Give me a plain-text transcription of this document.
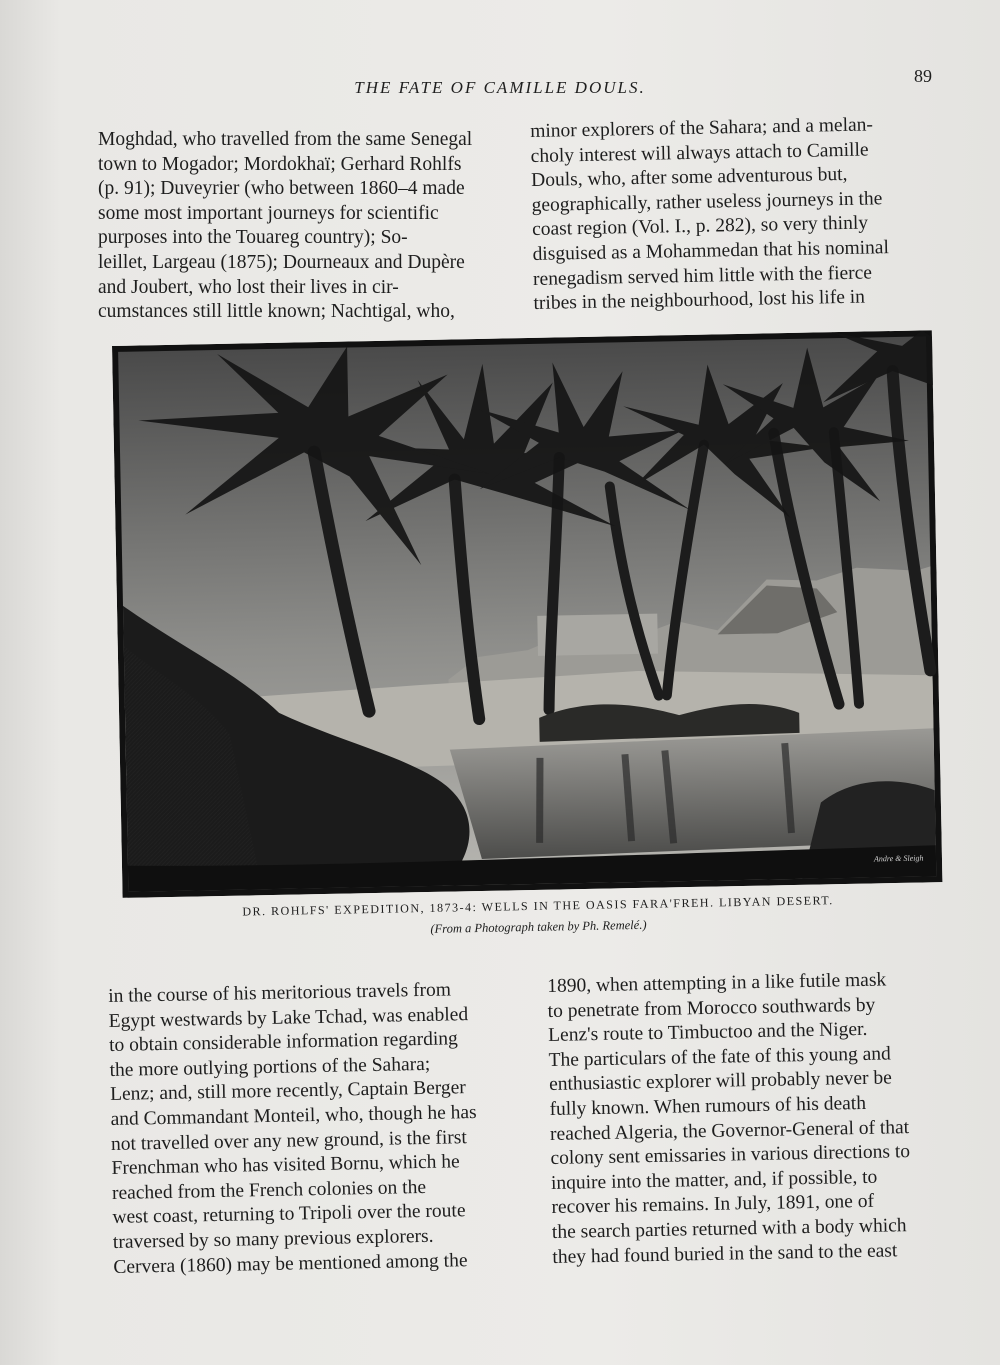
THE FATE OF CAMILLE DOULS.
89
Moghdad, who travelled from the same Senegal
town to Mogador; Mordokhaï; Gerhard Rohlfs
(p. 91); Duveyrier (who between 1860–4 made
some most important journeys for scientific
purposes into the Touareg country); So-
leillet, Largeau (1875); Dourneaux and Dupère
and Joubert, who lost their lives in cir-
cumstances still little known; Nachtigal, who,
minor explorers of the Sahara; and a melan-
choly interest will always attach to Camille
Douls, who, after some adventurous but,
geographically, rather useless journeys in the
coast region (Vol. I., p. 282), so very thinly
disguised as a Mohammedan that his nominal
renegadism served him little with the fierce
tribes in the neighbourhood, lost his life in
Andre & Sleigh
DR. ROHLFS' EXPEDITION, 1873-4: WELLS IN THE OASIS FARA'FREH. LIBYAN DESERT.
(From a Photograph taken by Ph. Remelé.)
in the course of his meritorious travels from
Egypt westwards by Lake Tchad, was enabled
to obtain considerable information regarding
the more outlying portions of the Sahara;
Lenz; and, still more recently, Captain Berger
and Commandant Monteil, who, though he has
not travelled over any new ground, is the first
Frenchman who has visited Bornu, which he
reached from the French colonies on the
west coast, returning to Tripoli over the route
traversed by so many previous explorers.
Cervera (1860) may be mentioned among the
1890, when attempting in a like futile mask
to penetrate from Morocco southwards by
Lenz's route to Timbuctoo and the Niger.
The particulars of the fate of this young and
enthusiastic explorer will probably never be
fully known. When rumours of his death
reached Algeria, the Governor-General of that
colony sent emissaries in various directions to
inquire into the matter, and, if possible, to
recover his remains. In July, 1891, one of
the search parties returned with a body which
they had found buried in the sand to the east
